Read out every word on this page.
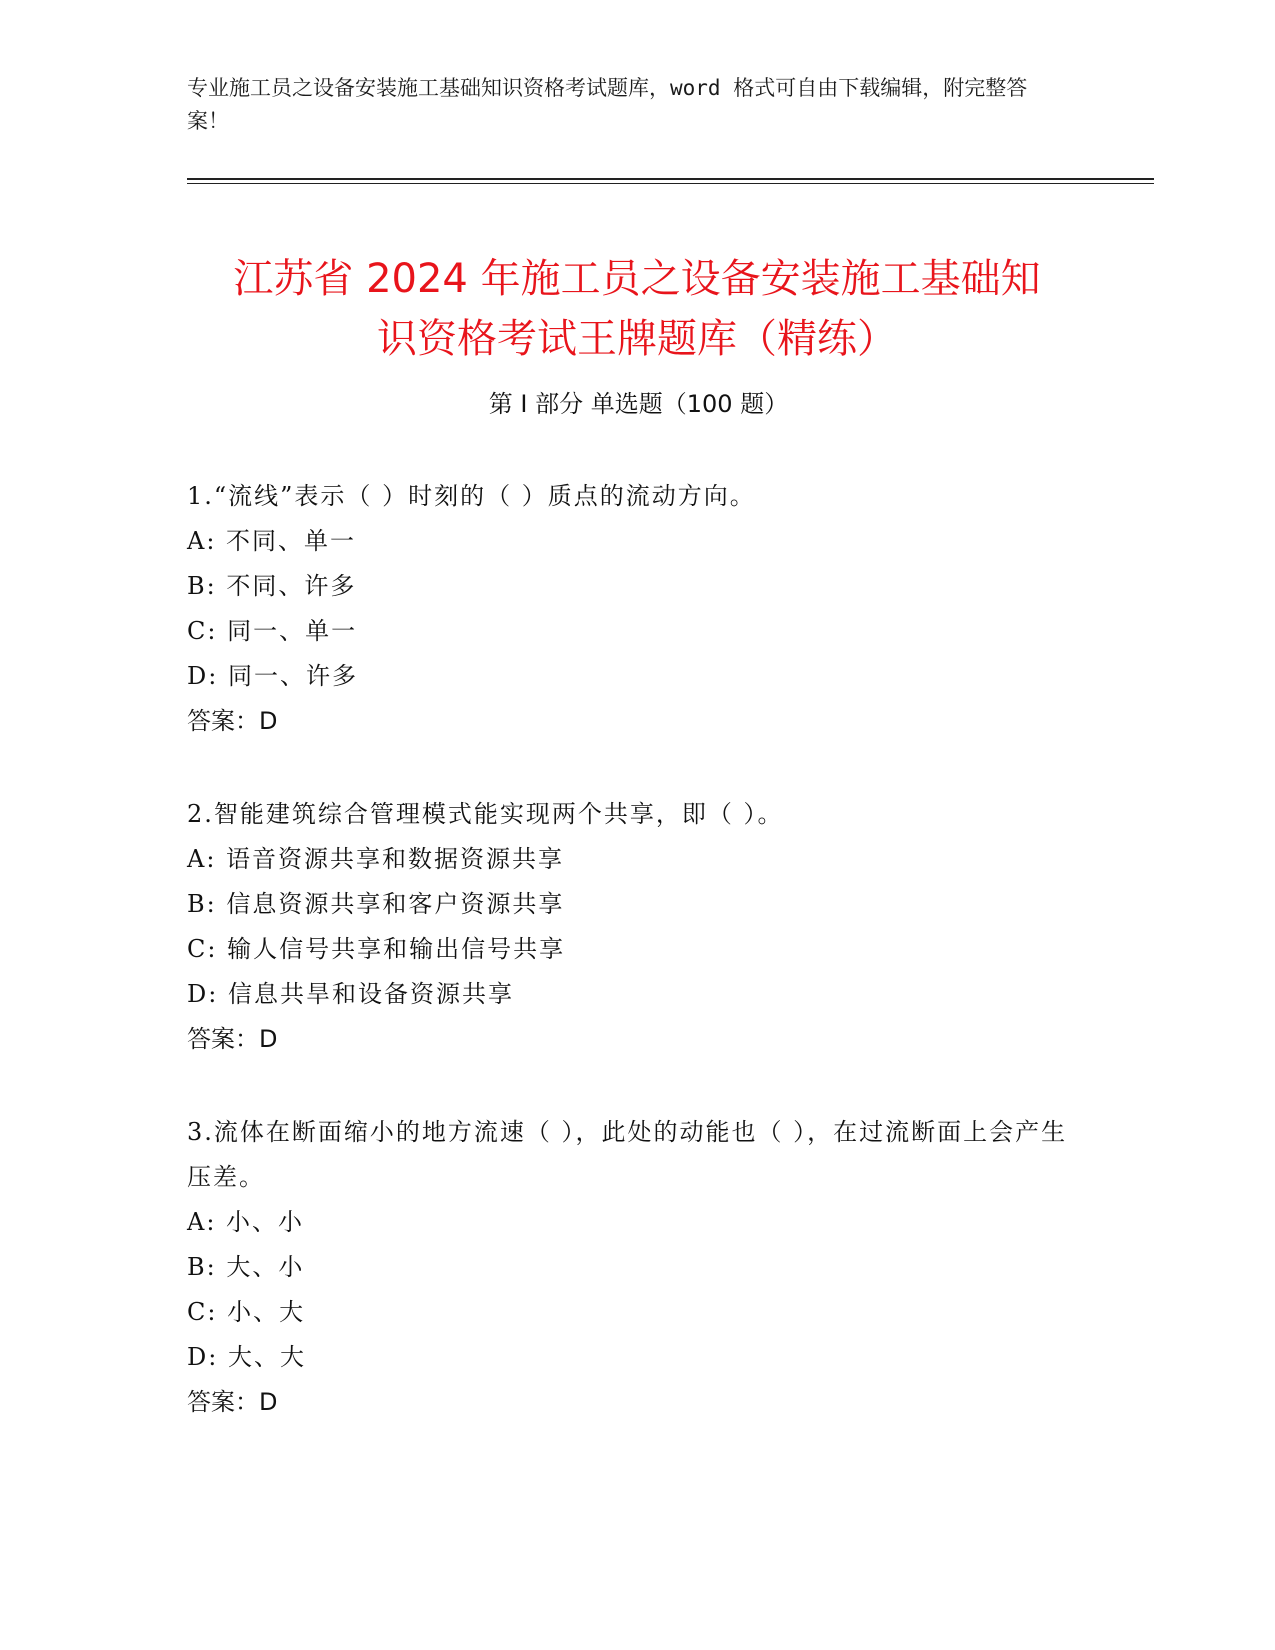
专业施工员之设备安装施工基础知识资格考试题库，word 格式可自由下载编辑，附完整答案！
江苏省 2024 年施工员之设备安装施工基础知
识资格考试王牌题库（精练）
第 I 部分 单选题（100 题）
1.“流线”表示（ ）时刻的（ ）质点的流动方向。
A: 不同、单一
B: 不同、许多
C: 同一、单一
D: 同一、许多
答案：D
2.智能建筑综合管理模式能实现两个共享，即（ ）。
A: 语音资源共享和数据资源共享
B: 信息资源共享和客户资源共享
C: 输人信号共享和输出信号共享
D: 信息共旱和设备资源共享
答案：D
3.流体在断面缩小的地方流速（ ），此处的动能也（ ），在过流断面上会产生压差。
A: 小、小
B: 大、小
C: 小、大
D: 大、大
答案：D
